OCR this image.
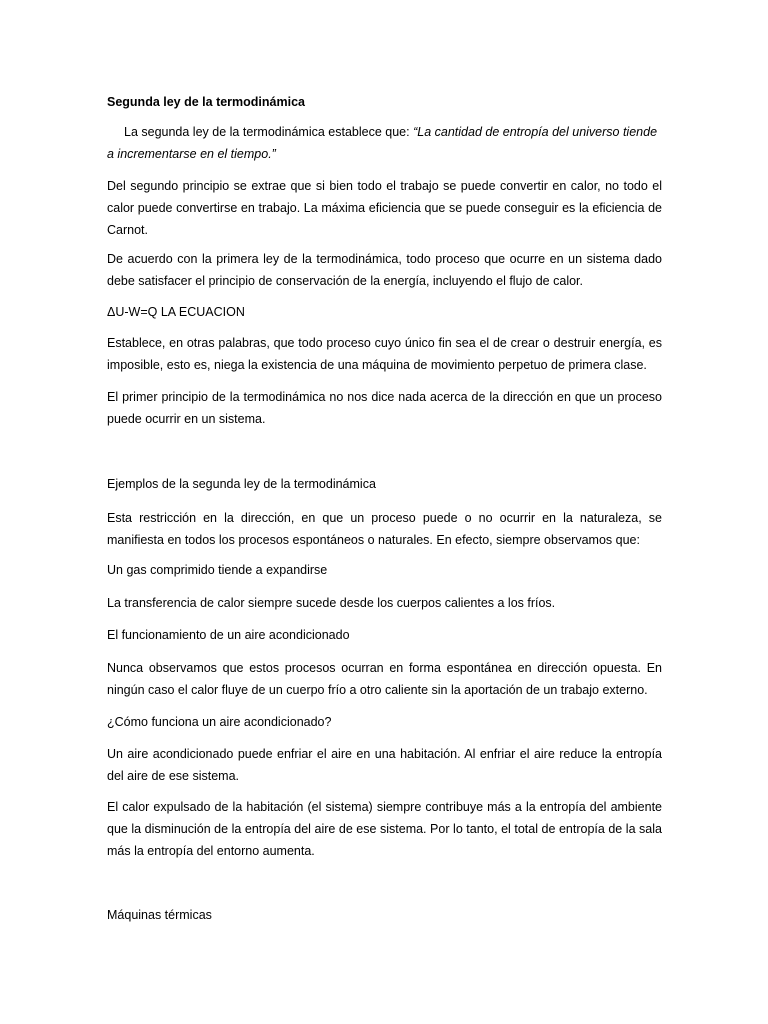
Segunda ley de la termodinámica

La segunda ley de la termodinámica establece que: “La cantidad de entropía del universo tiende a incrementarse en el tiempo.”

Del segundo principio se extrae que si bien todo el trabajo se puede convertir en calor, no todo el calor puede convertirse en trabajo. La máxima eficiencia que se puede conseguir es la eficiencia de Carnot.

De acuerdo con la primera ley de la termodinámica, todo proceso que ocurre en un sistema dado debe satisfacer el principio de conservación de la energía, incluyendo el flujo de calor.

ΔU-W=Q LA ECUACION

Establece, en otras palabras, que todo proceso cuyo único fin sea el de crear o destruir energía, es imposible, esto es, niega la existencia de una máquina de movimiento perpetuo de primera clase.

El primer principio de la termodinámica no nos dice nada acerca de la dirección en que un proceso puede ocurrir en un sistema.

Ejemplos de la segunda ley de la termodinámica

Esta restricción en la dirección, en que un proceso puede o no ocurrir en la naturaleza, se manifiesta en todos los procesos espontáneos o naturales. En efecto, siempre observamos que:

Un gas comprimido tiende a expandirse

La transferencia de calor siempre sucede desde los cuerpos calientes a los fríos.

El funcionamiento de un aire acondicionado

Nunca observamos que estos procesos ocurran en forma espontánea en dirección opuesta. En ningún caso el calor fluye de un cuerpo frío a otro caliente sin la aportación de un trabajo externo.

¿Cómo funciona un aire acondicionado?

Un aire acondicionado puede enfriar el aire en una habitación. Al enfriar el aire reduce la entropía del aire de ese sistema.

El calor expulsado de la habitación (el sistema) siempre contribuye más a la entropía del ambiente que la disminución de la entropía del aire de ese sistema. Por lo tanto, el total de entropía de la sala más la entropía del entorno aumenta.

Máquinas térmicas
